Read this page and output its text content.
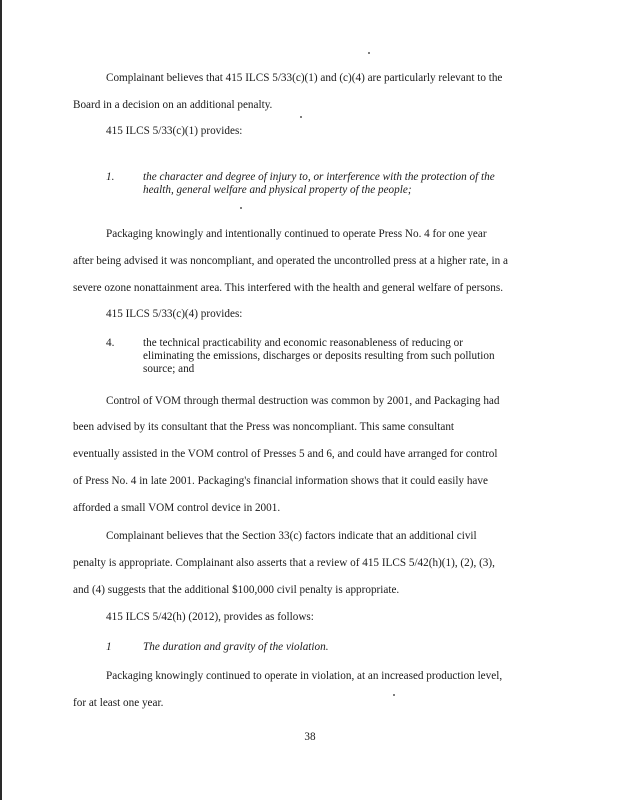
Complainant believes that 415 ILCS 5/33(c)(1) and (c)(4) are particularly relevant to the
Board in a decision on an additional penalty.
415 ILCS 5/33(c)(1) provides:
1.	the character and degree of injury to, or interference with the protection of the
health, general welfare and physical property of the people;
Packaging knowingly and intentionally continued to operate Press No. 4 for one year
after being advised it was noncompliant, and operated the uncontrolled press at a higher rate, in a
severe ozone nonattainment area. This interfered with the health and general welfare of persons.
415 ILCS 5/33(c)(4) provides:
4.	the technical practicability and economic reasonableness of reducing or
eliminating the emissions, discharges or deposits resulting from such pollution
source; and
Control of VOM through thermal destruction was common by 2001, and Packaging had
been advised by its consultant that the Press was noncompliant. This same consultant
eventually assisted in the VOM control of Presses 5 and 6, and could have arranged for control
of Press No. 4 in late 2001. Packaging's financial information shows that it could easily have
afforded a small VOM control device in 2001.
Complainant believes that the Section 33(c) factors indicate that an additional civil
penalty is appropriate. Complainant also asserts that a review of 415 ILCS 5/42(h)(1), (2), (3),
and (4) suggests that the additional $100,000 civil penalty is appropriate.
415 ILCS 5/42(h) (2012), provides as follows:
1	The duration and gravity of the violation.
Packaging knowingly continued to operate in violation, at an increased production level,
for at least one year.
38
